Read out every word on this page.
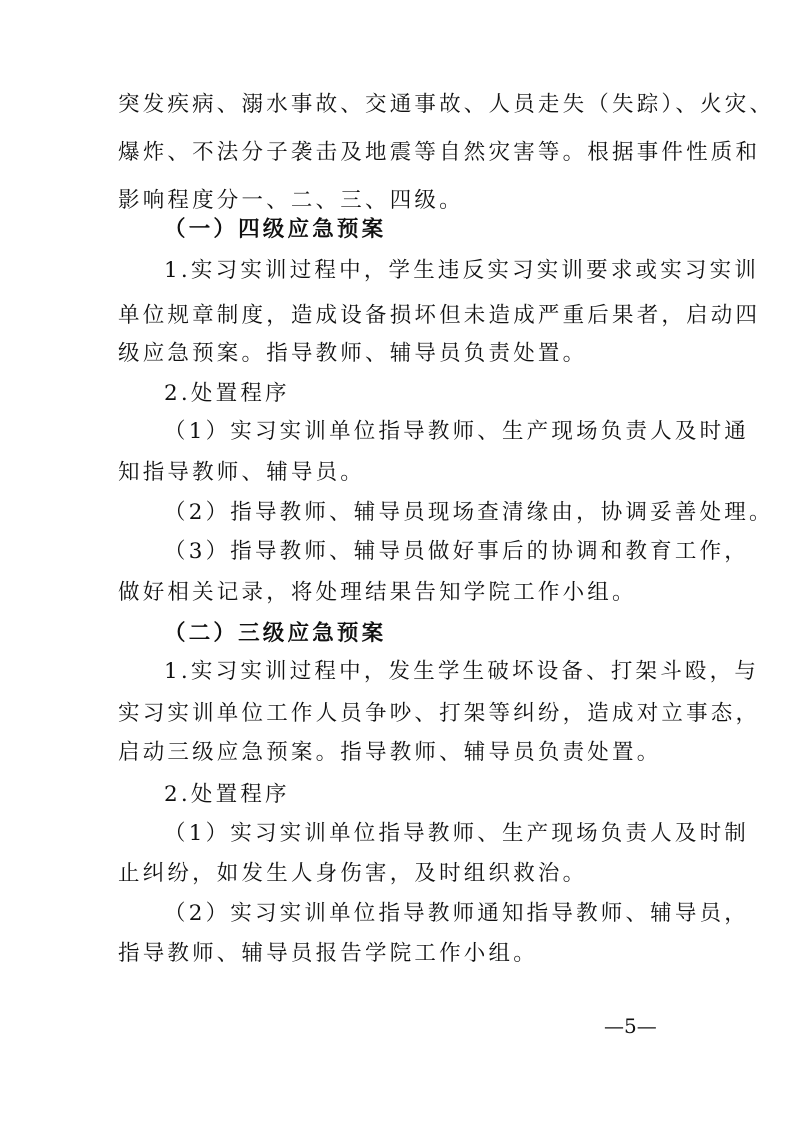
突发疾病、溺水事故、交通事故、人员走失（失踪）、火灾、
爆炸、不法分子袭击及地震等自然灾害等。根据事件性质和
影响程度分一、二、三、四级。
（一）四级应急预案
1.实习实训过程中，学生违反实习实训要求或实习实训
单位规章制度，造成设备损坏但未造成严重后果者，启动四
级应急预案。指导教师、辅导员负责处置。
2.处置程序
（1）实习实训单位指导教师、生产现场负责人及时通
知指导教师、辅导员。
（2）指导教师、辅导员现场查清缘由，协调妥善处理。
（3）指导教师、辅导员做好事后的协调和教育工作，
做好相关记录，将处理结果告知学院工作小组。
（二）三级应急预案
1.实习实训过程中，发生学生破坏设备、打架斗殴，与
实习实训单位工作人员争吵、打架等纠纷，造成对立事态，
启动三级应急预案。指导教师、辅导员负责处置。
2.处置程序
（1）实习实训单位指导教师、生产现场负责人及时制
止纠纷，如发生人身伤害，及时组织救治。
（2）实习实训单位指导教师通知指导教师、辅导员，
指导教师、辅导员报告学院工作小组。
—5—
